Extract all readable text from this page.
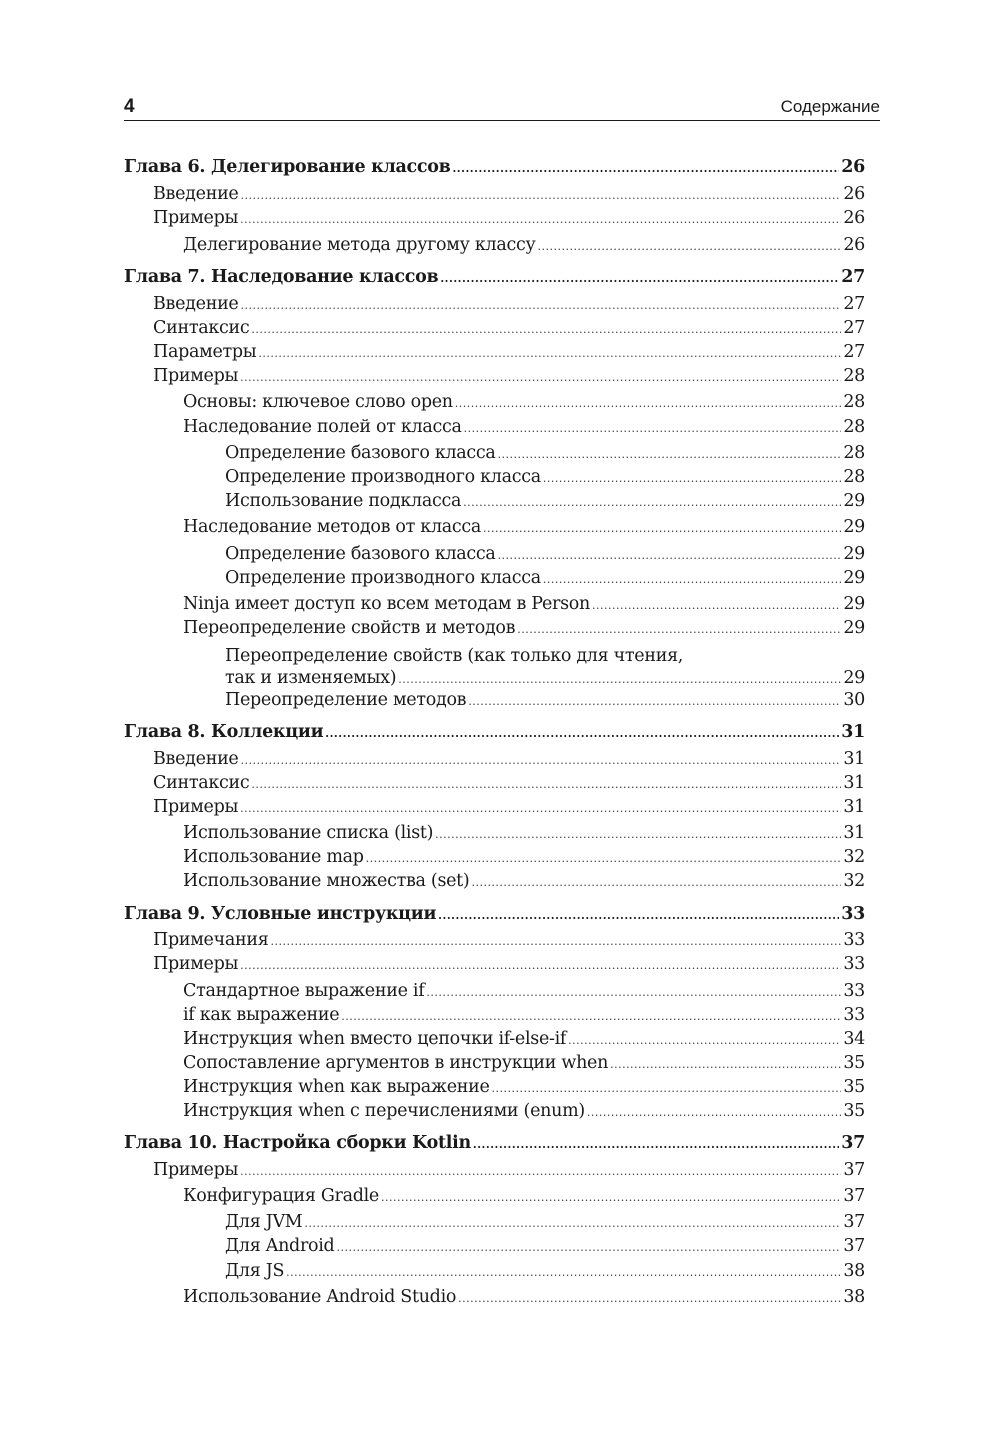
4	Содержание
Глава 6. Делегирование классов .....	26
Введение .....	26
Примеры .....	26
Делегирование метода другому классу .....	26
Глава 7. Наследование классов .....	27
Введение .....	27
Синтаксис .....	27
Параметры .....	27
Примеры .....	28
Основы: ключевое слово open .....	28
Наследование полей от класса .....	28
Определение базового класса .....	28
Определение производного класса .....	28
Использование подкласса .....	29
Наследование методов от класса .....	29
Определение базового класса .....	29
Определение производного класса .....	29
Ninja имеет доступ ко всем методам в Person .....	29
Переопределение свойств и методов .....	29
Переопределение свойств (как только для чтения,
так и изменяемых) .....	29
Переопределение методов .....	30
Глава 8. Коллекции .....	31
Введение .....	31
Синтаксис .....	31
Примеры .....	31
Использование списка (list) .....	31
Использование map .....	32
Использование множества (set) .....	32
Глава 9. Условные инструкции .....	33
Примечания .....	33
Примеры .....	33
Стандартное выражение if .....	33
if как выражение .....	33
Инструкция when вместо цепочки if-else-if .....	34
Сопоставление аргументов в инструкции when .....	35
Инструкция when как выражение .....	35
Инструкция when с перечислениями (enum) .....	35
Глава 10. Настройка сборки Kotlin .....	37
Примеры .....	37
Конфигурация Gradle .....	37
Для JVM .....	37
Для Android .....	37
Для JS .....	38
Использование Android Studio .....	38
